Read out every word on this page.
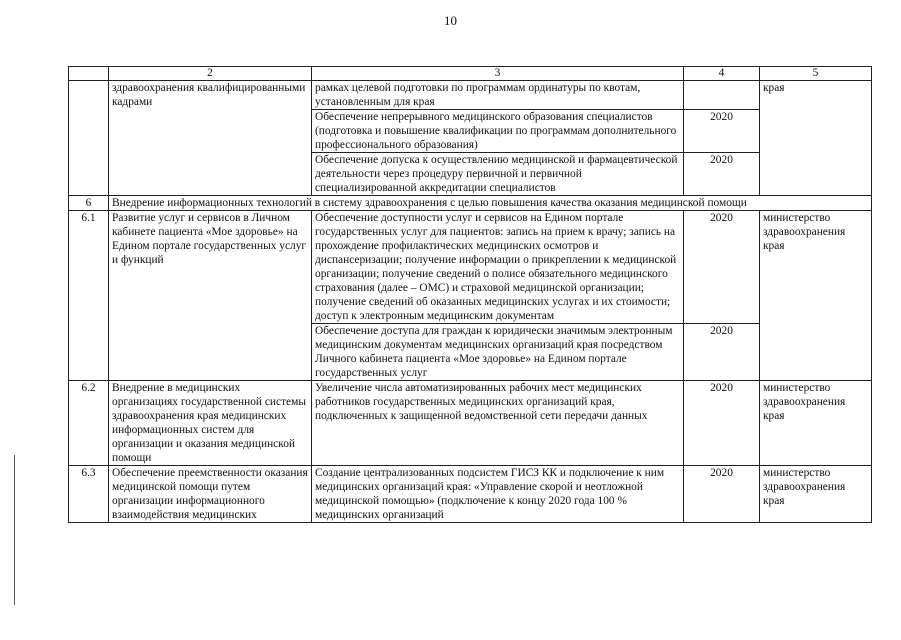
10
	2	3	4	5
	здравоохранения квалифицированными кадрами	рамках целевой подготовки по программам ординатуры по квотам, установленным для края		края
		Обеспечение непрерывного медицинского образования специалистов (подготовка и повышение квалификации по программам дополнительного профессионального образования)	2020	
		Обеспечение допуска к осуществлению медицинской и фармацевтической деятельности через процедуру первичной и первичной специализированной аккредитации специалистов	2020	
6	Внедрение информационных технологий в систему здравоохранения с целью повышения качества оказания медицинской помощи			
6.1	Развитие услуг и сервисов в Личном кабинете пациента «Мое здоровье» на Едином портале государственных услуг и функций	Обеспечение доступности услуг и сервисов на Едином портале государственных услуг для пациентов: запись на прием к врачу; запись на прохождение профилактических медицинских осмотров и диспансеризации; получение информации о прикреплении к медицинской организации; получение сведений о полисе обязательного медицинского страхования (далее – ОМС) и страховой медицинской организации; получение сведений об оказанных медицинских услугах и их стоимости; доступ к электронным медицинским документам	2020	министерство здравоохранения края
		Обеспечение доступа для граждан к юридически значимым электронным медицинским документам медицинских организаций края посредством Личного кабинета пациента «Мое здоровье» на Едином портале государственных услуг	2020	
6.2	Внедрение в медицинских организациях государственной системы здравоохранения края медицинских информационных систем для организации и оказания медицинской помощи	Увеличение числа автоматизированных рабочих мест медицинских работников государственных медицинских организаций края, подключенных к защищенной ведомственной сети передачи данных	2020	министерство здравоохранения края
6.3	Обеспечение преемственности оказания медицинской помощи путем организации информационного взаимодействия медицинских	Создание централизованных подсистем ГИСЗ КК и подключение к ним медицинских организаций края: «Управление скорой и неотложной медицинской помощью» (подключение к концу 2020 года 100 % медицинских организаций	2020	министерство здравоохранения края
